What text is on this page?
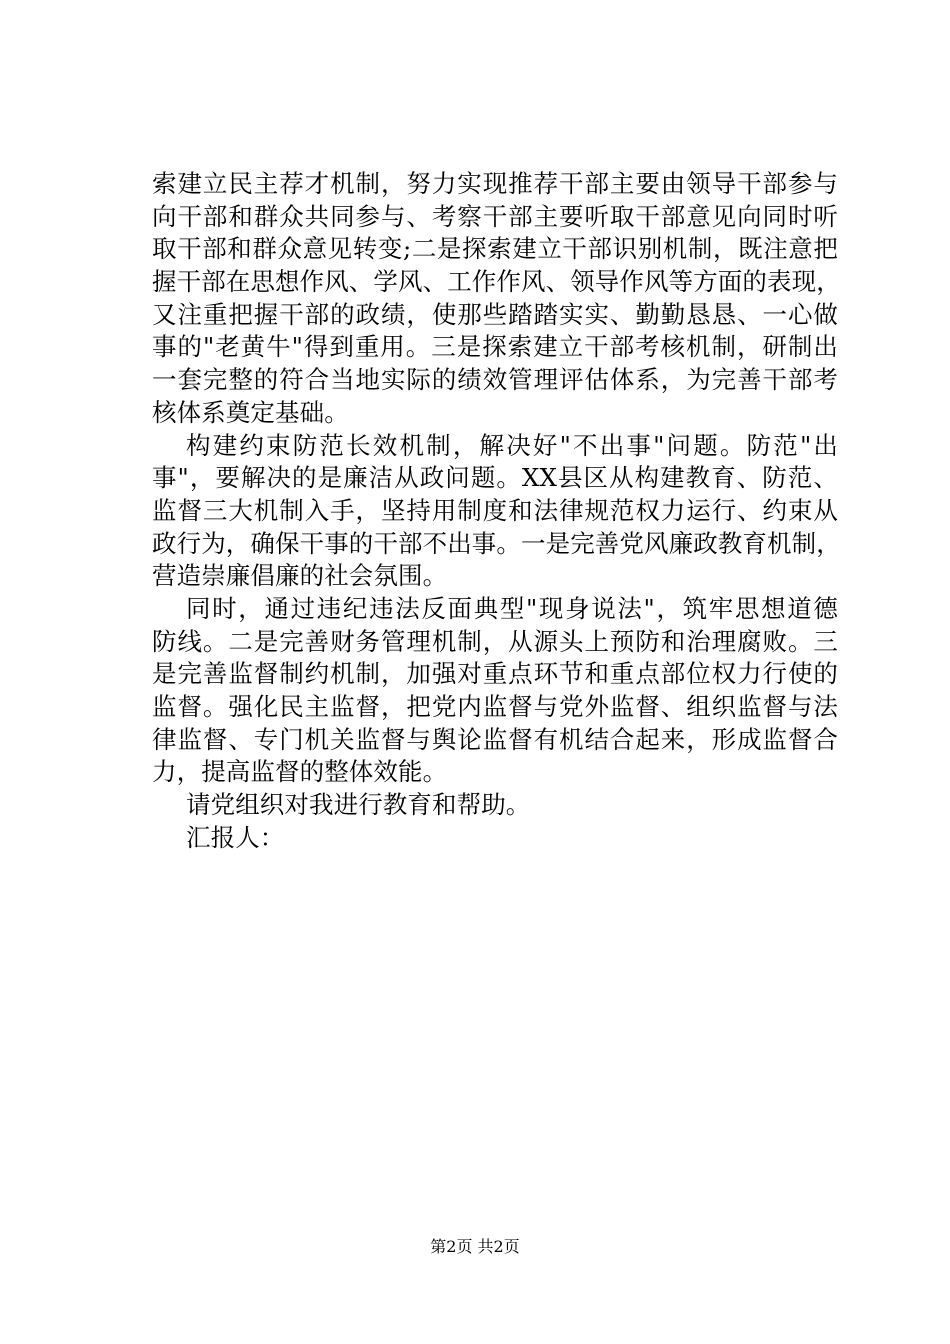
索建立民主荐才机制，努力实现推荐干部主要由领导干部参与
向干部和群众共同参与、考察干部主要听取干部意见向同时听
取干部和群众意见转变;二是探索建立干部识别机制，既注意把
握干部在思想作风、学风、工作作风、领导作风等方面的表现，
又注重把握干部的政绩，使那些踏踏实实、勤勤恳恳、一心做
事的"老黄牛"得到重用。三是探索建立干部考核机制，研制出
一套完整的符合当地实际的绩效管理评估体系，为完善干部考
核体系奠定基础。
构建约束防范长效机制，解决好"不出事"问题。防范"出
事"，要解决的是廉洁从政问题。XX县区从构建教育、防范、
监督三大机制入手，坚持用制度和法律规范权力运行、约束从
政行为，确保干事的干部不出事。一是完善党风廉政教育机制，
营造崇廉倡廉的社会氛围。
同时，通过违纪违法反面典型"现身说法"，筑牢思想道德
防线。二是完善财务管理机制，从源头上预防和治理腐败。三
是完善监督制约机制，加强对重点环节和重点部位权力行使的
监督。强化民主监督，把党内监督与党外监督、组织监督与法
律监督、专门机关监督与舆论监督有机结合起来，形成监督合
力，提高监督的整体效能。
请党组织对我进行教育和帮助。
汇报人：
第2页 共2页
